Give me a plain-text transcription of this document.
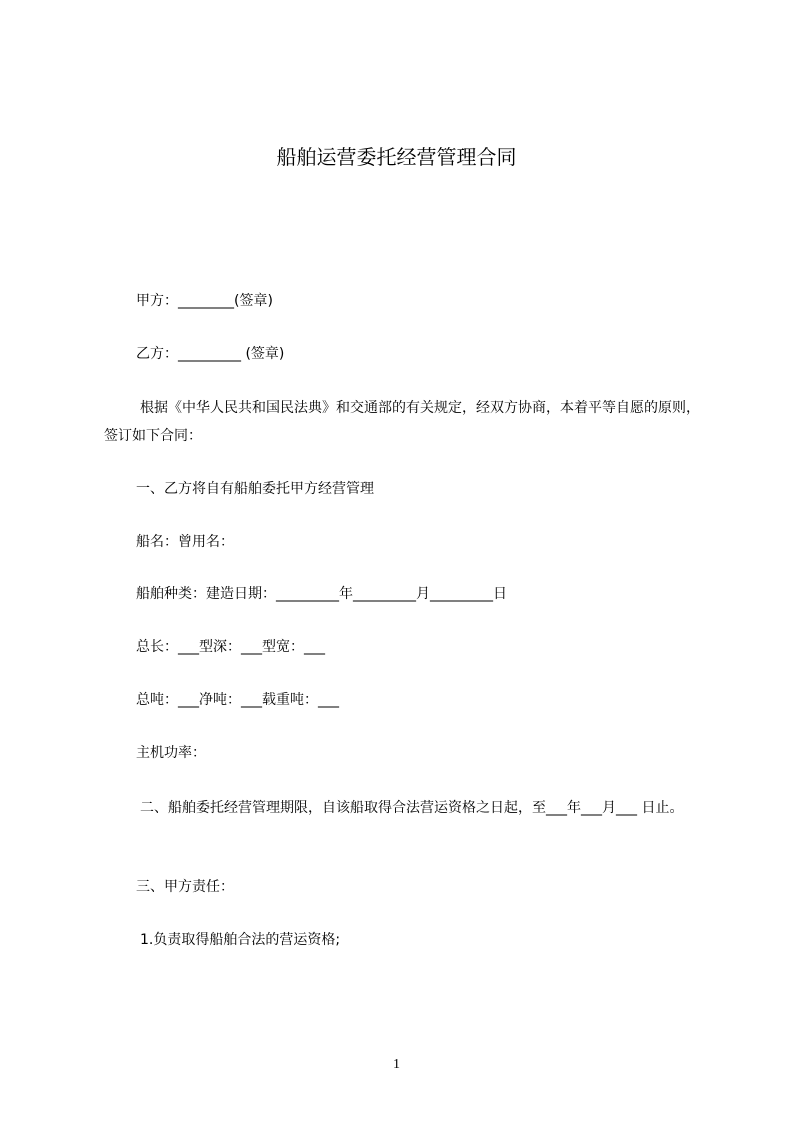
船舶运营委托经营管理合同
甲方：________(签章)
乙方：_________ (签章)
根据《中华人民共和国民法典》和交通部的有关规定，经双方协商，本着平等自愿的原则，签订如下合同：
一、乙方将自有船舶委托甲方经营管理
船名：曾用名：
船舶种类：建造日期：_________年_________月_________日
总长：___型深：___型宽：___
总吨：___净吨：___载重吨：___
主机功率：
二、船舶委托经营管理期限，自该船取得合法营运资格之日起，至___年___月___ 日止。
三、甲方责任：
1.负责取得船舶合法的营运资格;
1
